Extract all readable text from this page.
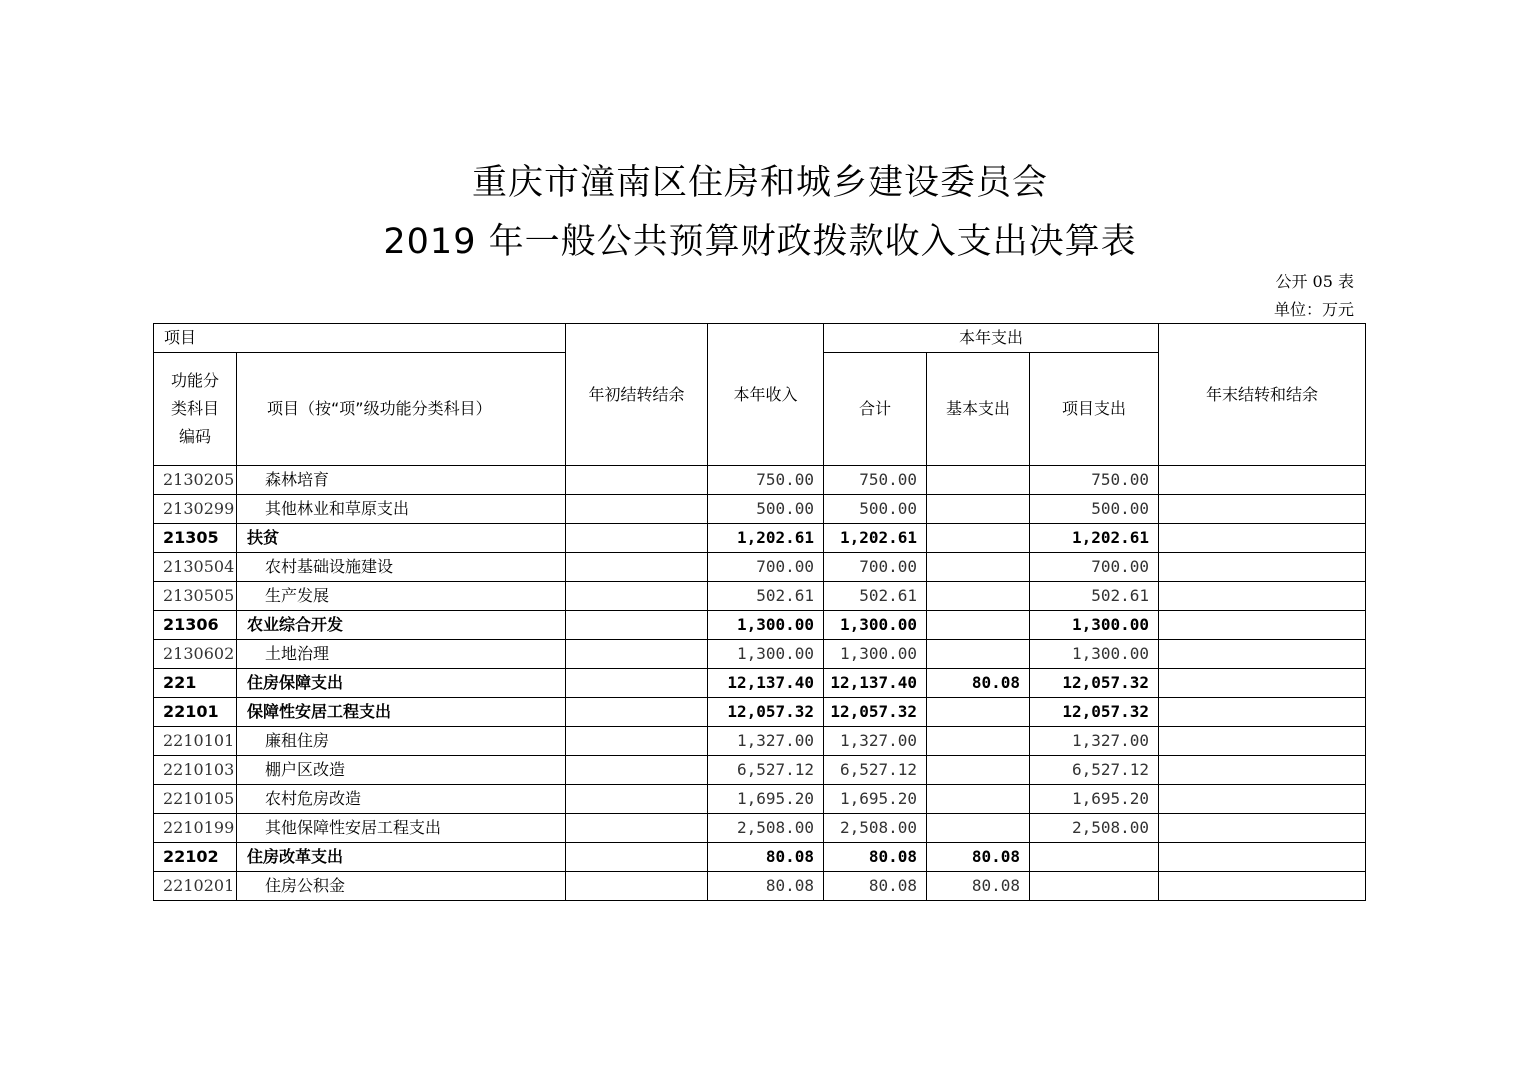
重庆市潼南区住房和城乡建设委员会
2019 年一般公共预算财政拨款收入支出决算表
公开 05 表
单位：万元
项目		年初结转结余	本年收入	本年支出			年末结转和结余

功能分
类科目
编码	项目（按“项”级功能分类科目）			合计	基本支出	项目支出	
2130205	森林培育		750.00	750.00		750.00	
2130299	其他林业和草原支出		500.00	500.00		500.00	
21305	扶贫		1,202.61	1,202.61		1,202.61	
2130504	农村基础设施建设		700.00	700.00		700.00	
2130505	生产发展		502.61	502.61		502.61	
21306	农业综合开发		1,300.00	1,300.00		1,300.00	
2130602	土地治理		1,300.00	1,300.00		1,300.00	
221	住房保障支出		12,137.40	12,137.40	80.08	12,057.32	
22101	保障性安居工程支出		12,057.32	12,057.32		12,057.32	
2210101	廉租住房		1,327.00	1,327.00		1,327.00	
2210103	棚户区改造		6,527.12	6,527.12		6,527.12	
2210105	农村危房改造		1,695.20	1,695.20		1,695.20	
2210199	其他保障性安居工程支出		2,508.00	2,508.00		2,508.00	
22102	住房改革支出		80.08	80.08	80.08		
2210201	住房公积金		80.08	80.08	80.08		
